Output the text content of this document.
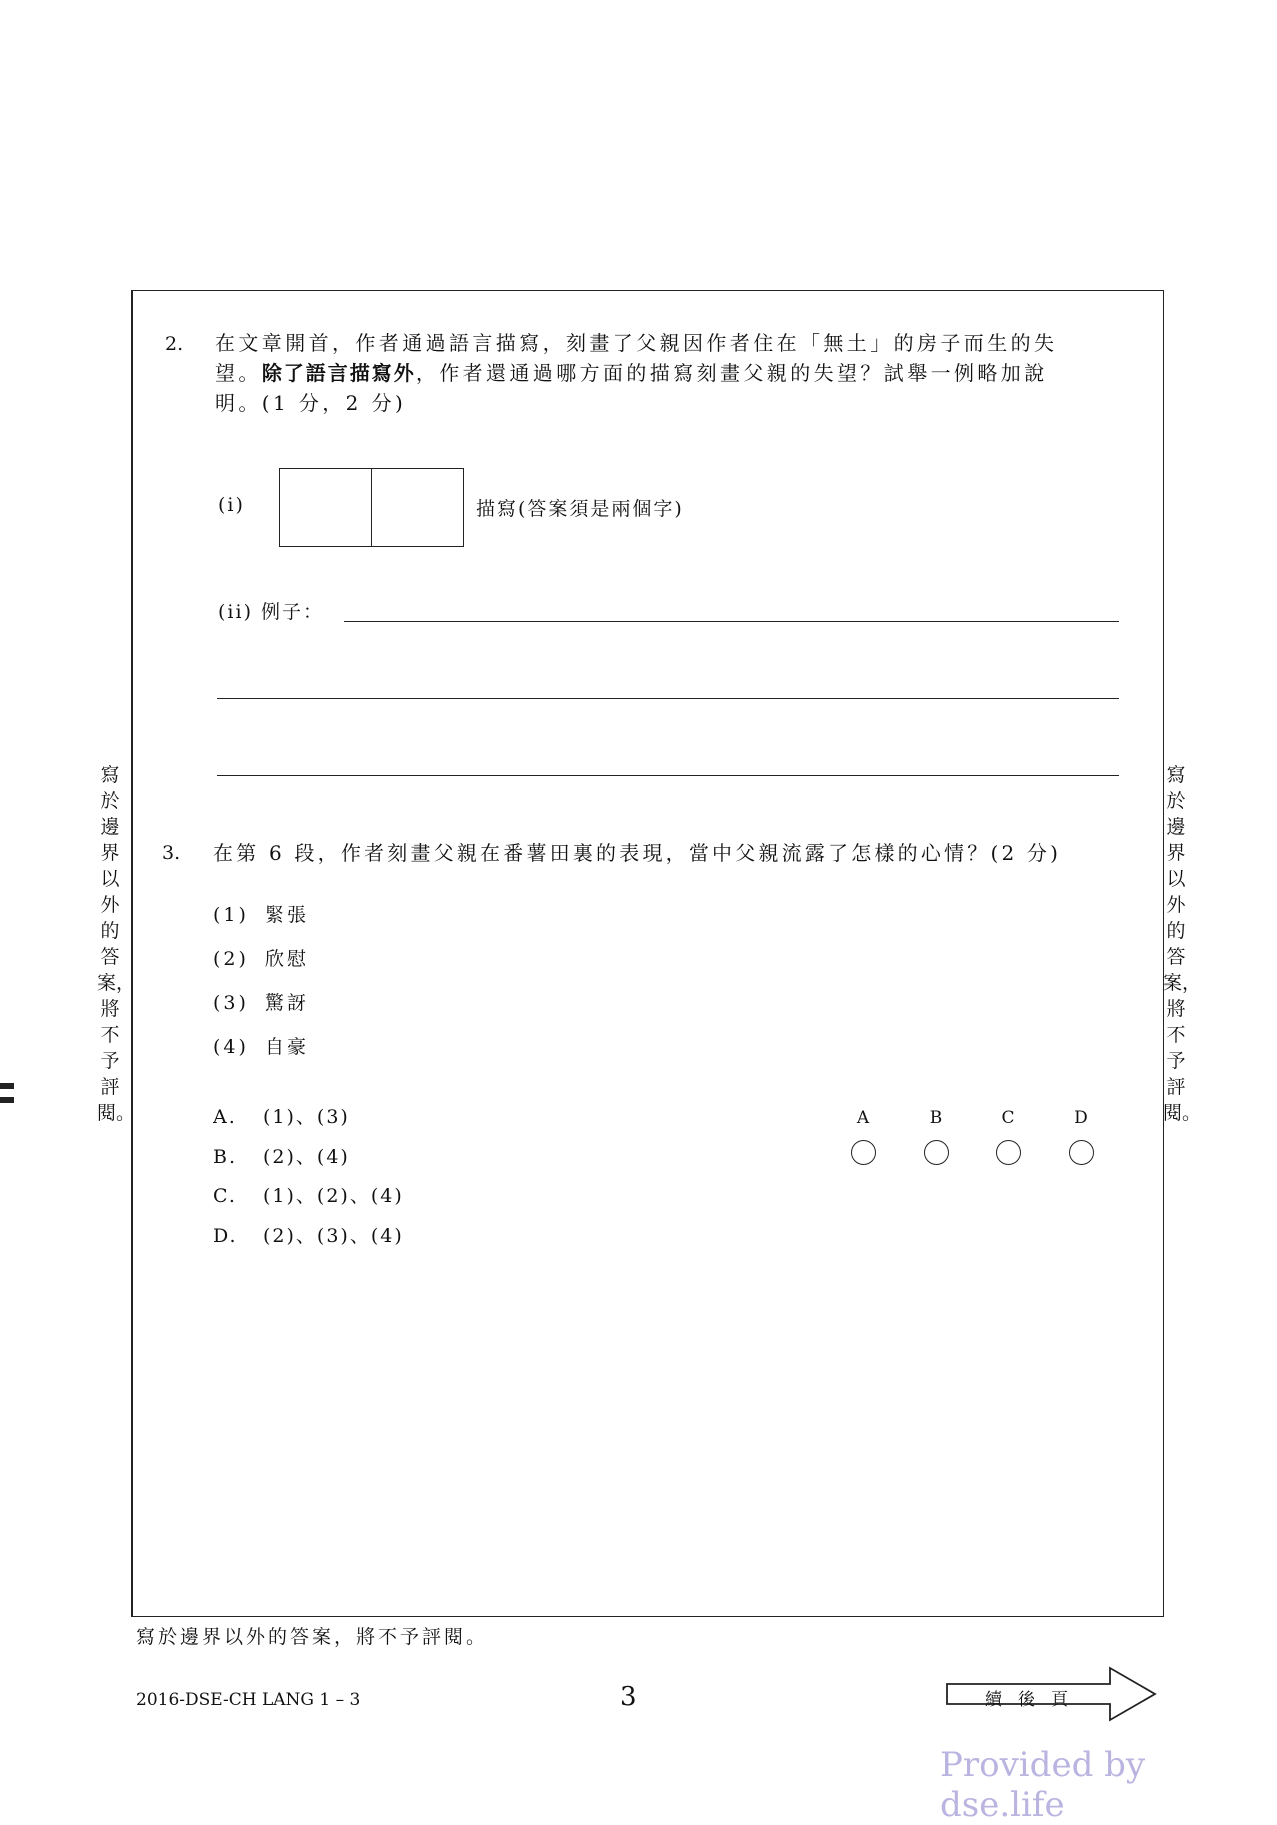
2. 在文章開首，作者通過語言描寫，刻畫了父親因作者住在「無土」的房子而生的失
望。除了語言描寫外，作者還通過哪方面的描寫刻畫父親的失望？試舉一例略加說
明。(1 分，2 分)
(i)	描寫(答案須是兩個字)
(ii) 例子：
3. 在第 6 段，作者刻畫父親在番薯田裏的表現，當中父親流露了怎樣的心情？(2 分)
(1) 緊張
(2) 欣慰
(3) 驚訝
(4) 自豪
A. (1)、(3)
B. (2)、(4)
C. (1)、(2)、(4)
D. (2)、(3)、(4)
A	B	C	D
寫於邊界以外的答案，將不予評閱。
寫於邊界以外的答案，將不予評閱。
寫於邊界以外的答案，將不予評閱。
2016-DSE-CH LANG 1 – 3	3	續後頁
Provided by dse.life
